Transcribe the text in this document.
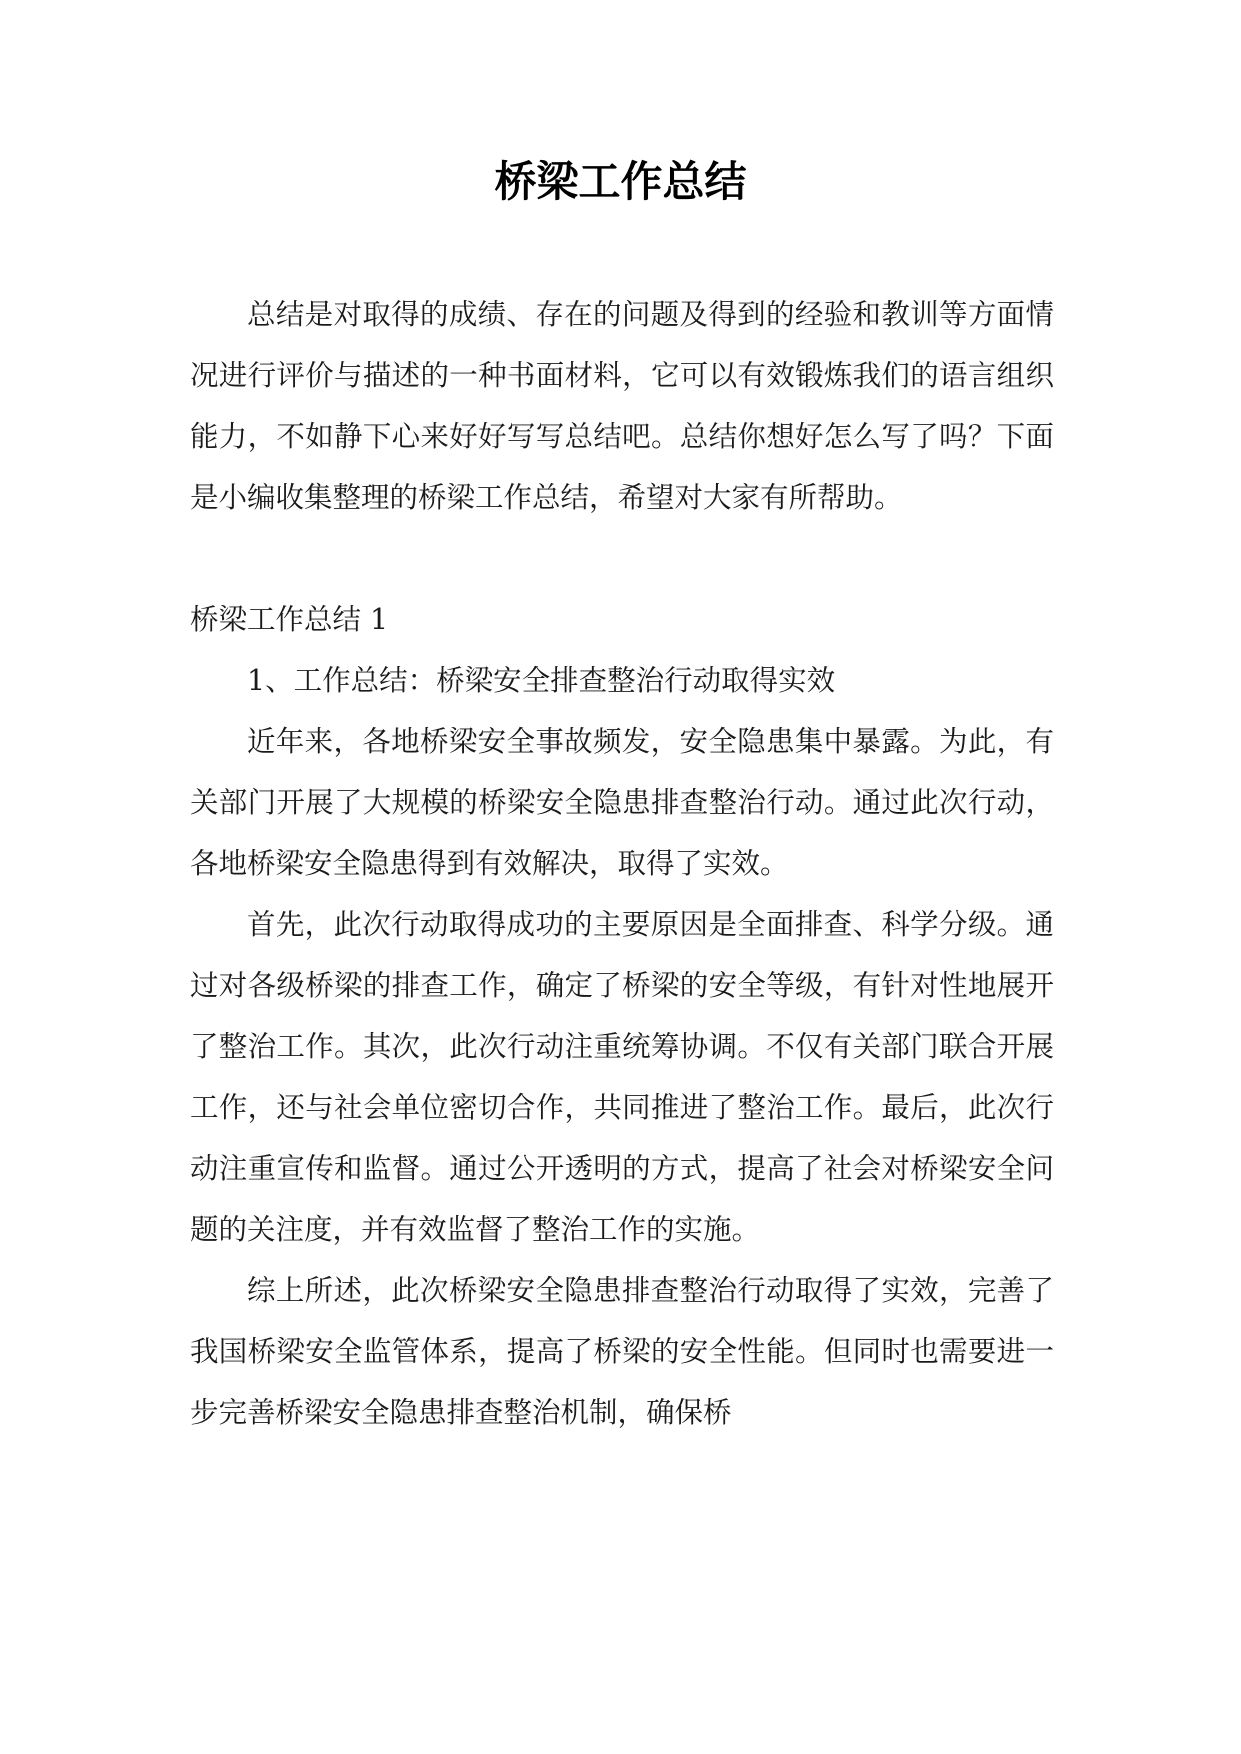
桥梁工作总结

总结是对取得的成绩、存在的问题及得到的经验和教训等方面情况进行评价与描述的一种书面材料，它可以有效锻炼我们的语言组织能力，不如静下心来好好写写总结吧。总结你想好怎么写了吗？下面是小编收集整理的桥梁工作总结，希望对大家有所帮助。

桥梁工作总结 1

1、工作总结：桥梁安全排查整治行动取得实效

近年来，各地桥梁安全事故频发，安全隐患集中暴露。为此，有关部门开展了大规模的桥梁安全隐患排查整治行动。通过此次行动，各地桥梁安全隐患得到有效解决，取得了实效。

首先，此次行动取得成功的主要原因是全面排查、科学分级。通过对各级桥梁的排查工作，确定了桥梁的安全等级，有针对性地展开了整治工作。其次，此次行动注重统筹协调。不仅有关部门联合开展工作，还与社会单位密切合作，共同推进了整治工作。最后，此次行动注重宣传和监督。通过公开透明的方式，提高了社会对桥梁安全问题的关注度，并有效监督了整治工作的实施。

综上所述，此次桥梁安全隐患排查整治行动取得了实效，完善了我国桥梁安全监管体系，提高了桥梁的安全性能。但同时也需要进一步完善桥梁安全隐患排查整治机制，确保桥
